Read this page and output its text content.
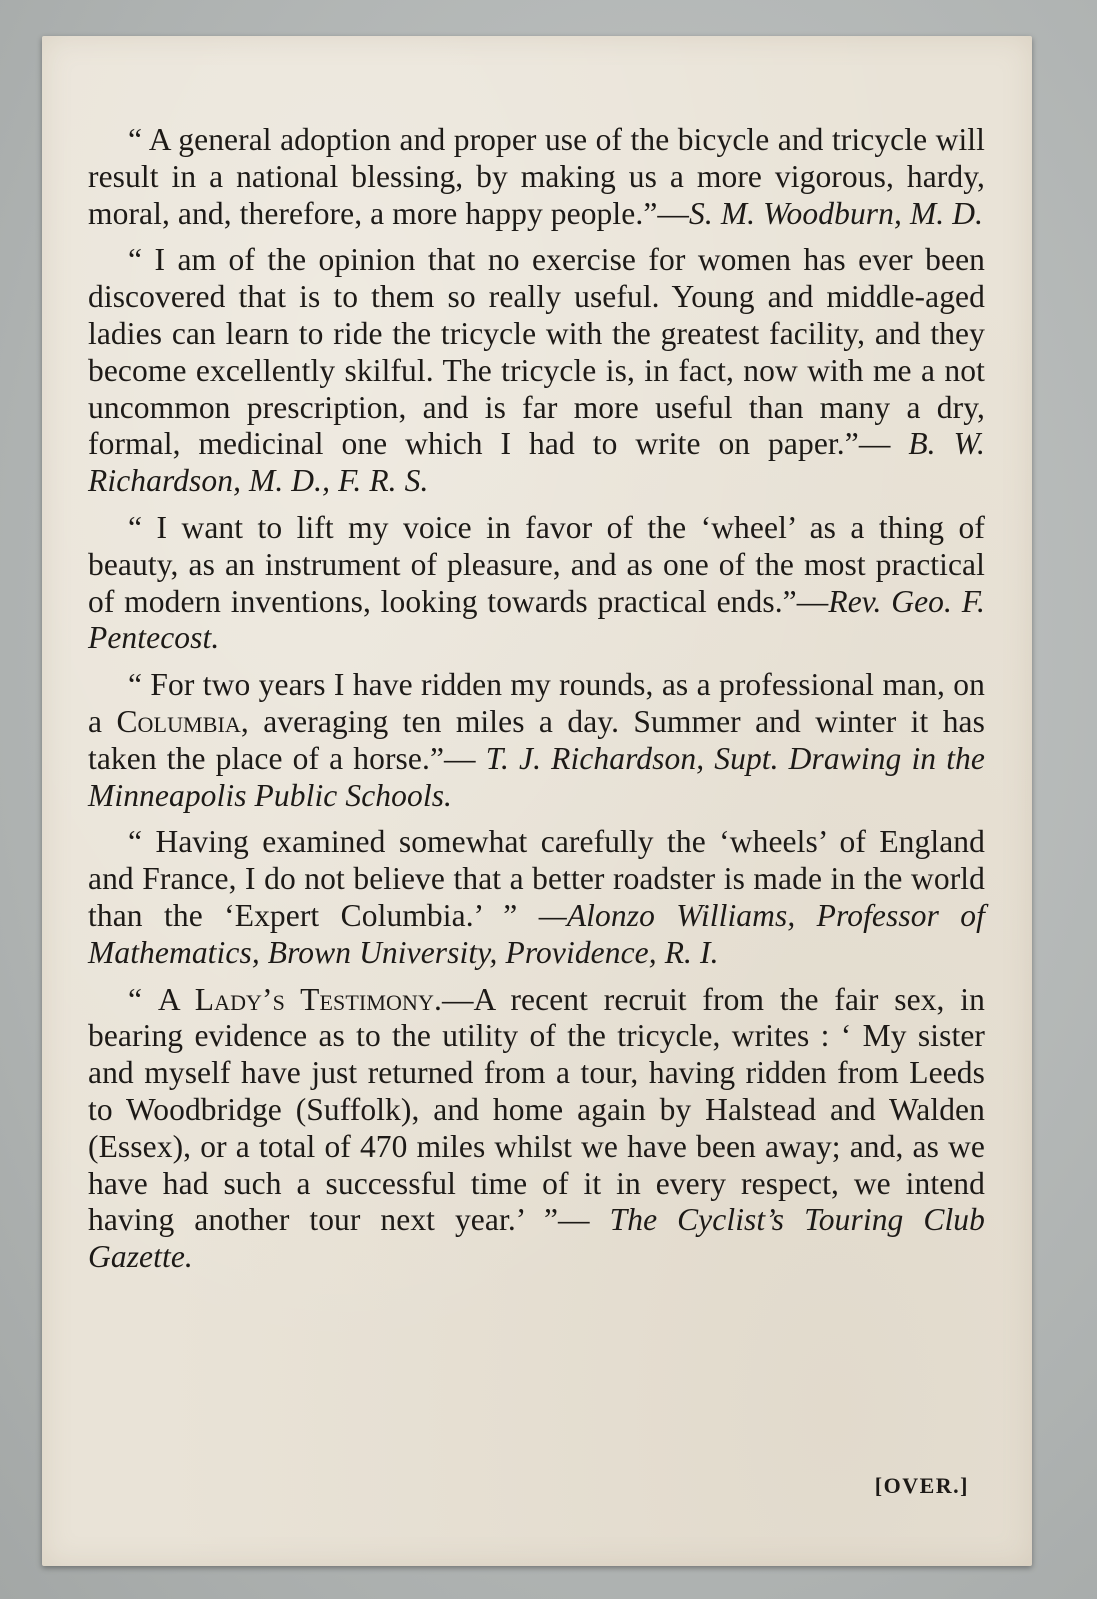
“ A general adoption and proper use of the bicycle and tricycle will result in a national blessing, by making us a more vigorous, hardy, moral, and, therefore, a more happy people.”—S. M. Woodburn, M. D.

“ I am of the opinion that no exercise for women has ever been discovered that is to them so really useful. Young and middle-aged ladies can learn to ride the tricycle with the greatest facility, and they become excellently skilful. The tricycle is, in fact, now with me a not uncommon prescription, and is far more useful than many a dry, formal, medicinal one which I had to write on paper.”— B. W. Richardson, M. D., F. R. S.

“ I want to lift my voice in favor of the ‘wheel’ as a thing of beauty, as an instrument of pleasure, and as one of the most practical of modern inventions, looking towards practical ends.”—Rev. Geo. F. Pentecost.

“ For two years I have ridden my rounds, as a professional man, on a Columbia, averaging ten miles a day. Summer and winter it has taken the place of a horse.”— T. J. Richardson, Supt. Drawing in the Minneapolis Public Schools.

“ Having examined somewhat carefully the ‘wheels’ of England and France, I do not believe that a better roadster is made in the world than the ‘Expert Columbia.’ ” —Alonzo Williams, Professor of Mathematics, Brown University, Providence, R. I.

“ A Lady’s Testimony.—A recent recruit from the fair sex, in bearing evidence as to the utility of the tricycle, writes : ‘ My sister and myself have just returned from a tour, having ridden from Leeds to Woodbridge (Suffolk), and home again by Halstead and Walden (Essex), or a total of 470 miles whilst we have been away; and, as we have had such a successful time of it in every respect, we intend having another tour next year.’ ”— The Cyclist’s Touring Club Gazette.

[OVER.]
